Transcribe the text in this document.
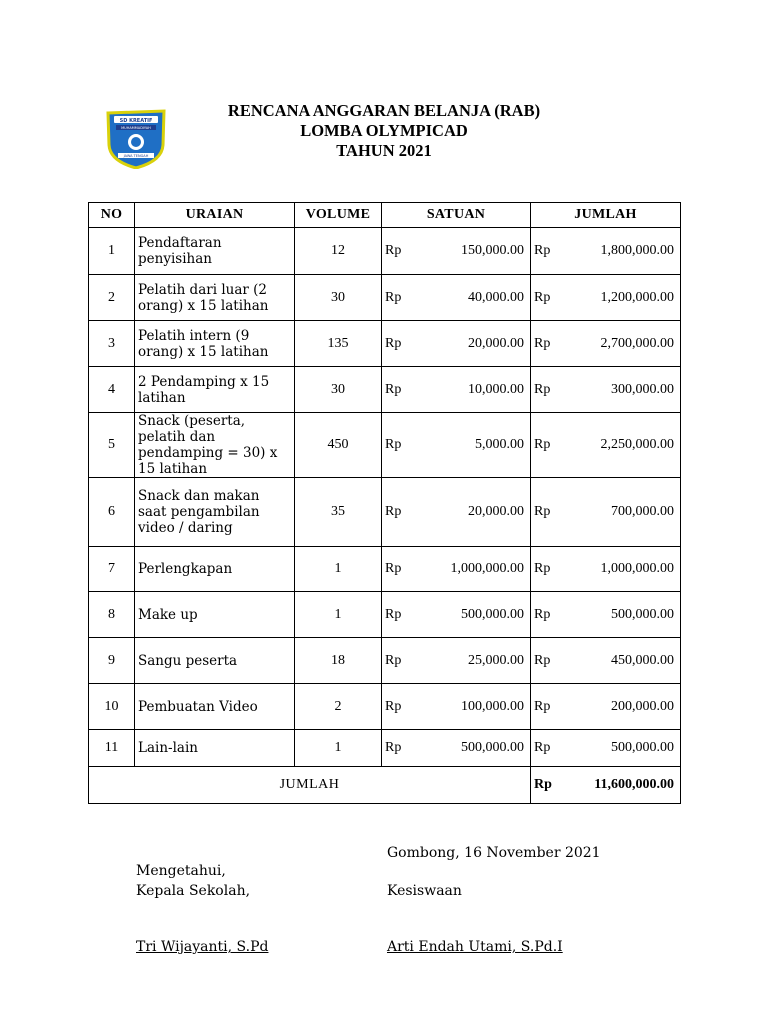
SD KREATIF
MUHAMMADIYAH
JAWA TENGAH
RENCANA ANGGARAN BELANJA (RAB)
LOMBA OLYMPICAD
TAHUN 2021
NO	URAIAN	VOLUME	SATUAN		JUMLAH	
1	Pendaftaran penyisihan	12	Rp	150,000.00	Rp	1,800,000.00
2	Pelatih dari luar (2 orang) x 15 latihan	30	Rp	40,000.00	Rp	1,200,000.00
3	Pelatih intern (9 orang) x 15 latihan	135	Rp	20,000.00	Rp	2,700,000.00
4	2 Pendamping x 15 latihan	30	Rp	10,000.00	Rp	300,000.00
5	Snack (peserta, pelatih dan pendamping = 30) x 15 latihan	450	Rp	5,000.00	Rp	2,250,000.00
6	Snack dan makan saat pengambilan video / daring	35	Rp	20,000.00	Rp	700,000.00
7	Perlengkapan	1	Rp	1,000,000.00	Rp	1,000,000.00
8	Make up	1	Rp	500,000.00	Rp	500,000.00
9	Sangu peserta	18	Rp	25,000.00	Rp	450,000.00
10	Pembuatan Video	2	Rp	100,000.00	Rp	200,000.00
11	Lain-lain	1	Rp	500,000.00	Rp	500,000.00
JUMLAH					Rp	11,600,000.00
Gombong, 16 November 2021
Mengetahui,
Kepala Sekolah,	Kesiswaan
Tri Wijayanti, S.Pd	Arti Endah Utami, S.Pd.I
